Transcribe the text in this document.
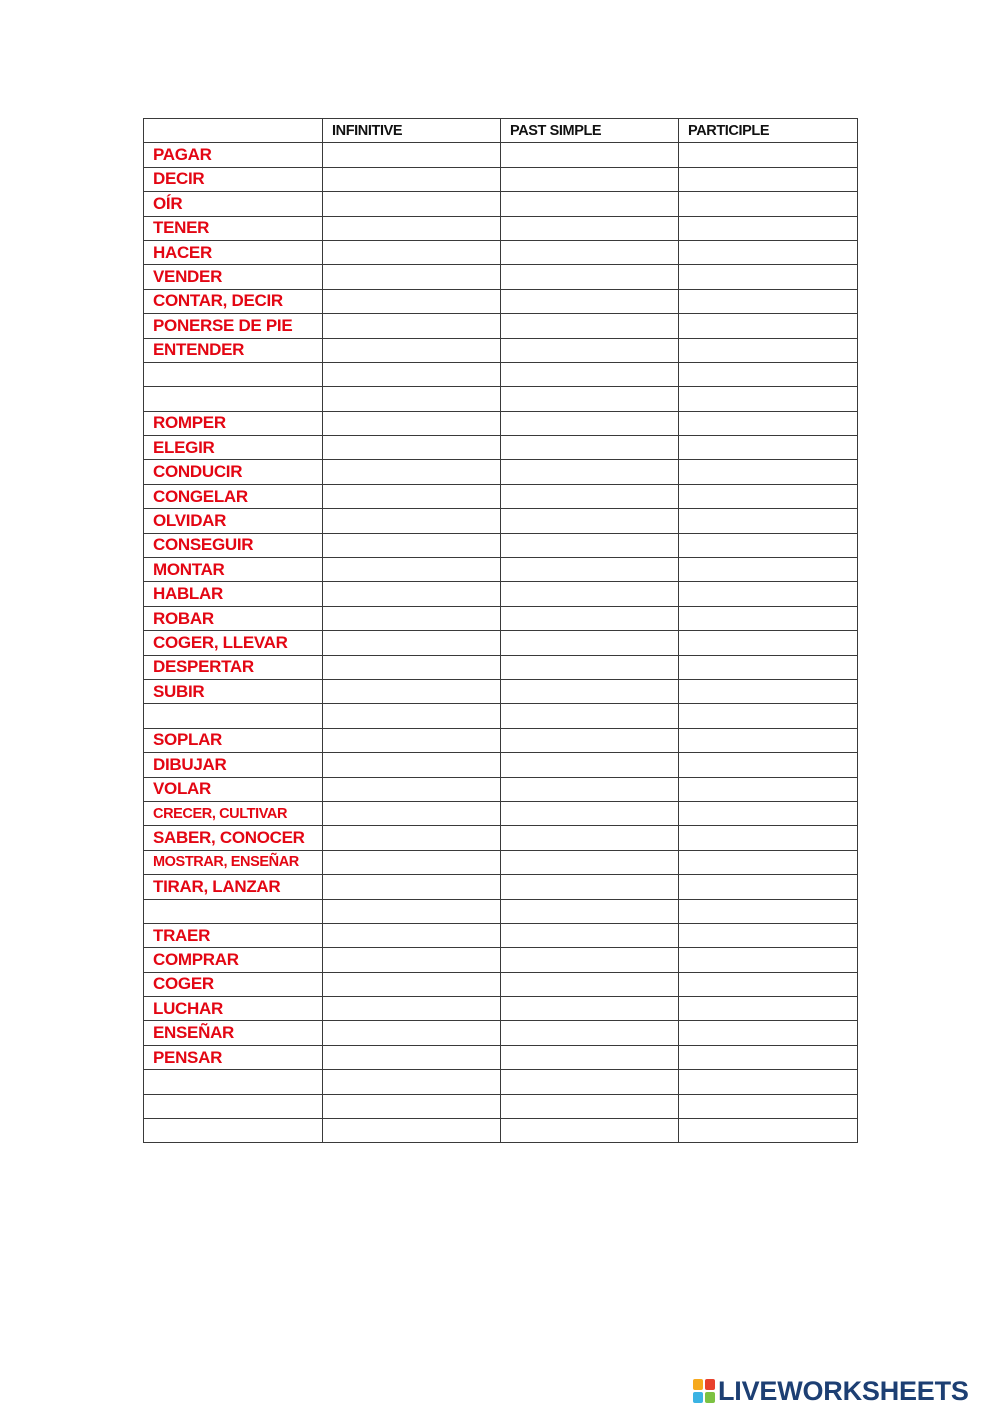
	INFINITIVE	PAST SIMPLE	PARTICIPLE
PAGAR			
DECIR			
OÍR			
TENER			
HACER			
VENDER			
CONTAR, DECIR			
PONERSE DE PIE			
ENTENDER			

ROMPER			
ELEGIR			
CONDUCIR			
CONGELAR			
OLVIDAR			
CONSEGUIR			
MONTAR			
HABLAR			
ROBAR			
COGER, LLEVAR			
DESPERTAR			
SUBIR			

SOPLAR			
DIBUJAR			
VOLAR			
CRECER, CULTIVAR			
SABER, CONOCER			
MOSTRAR, ENSEÑAR			
TIRAR, LANZAR			

TRAER			
COMPRAR			
COGER			
LUCHAR			
ENSEÑAR			
PENSAR			

LIVEWORKSHEETS
